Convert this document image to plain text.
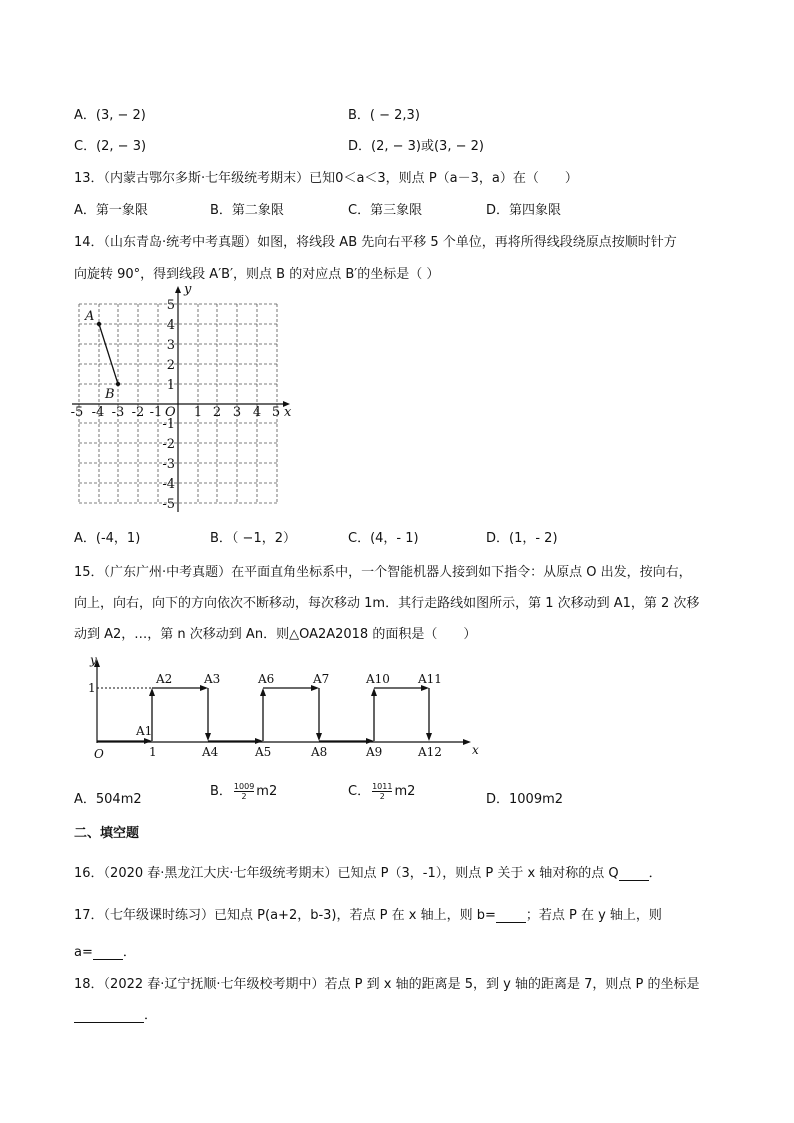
A．(3, − 2)	B．( − 2,3)
C．(2, − 3)	D．(2, − 3)或(3, − 2)
13．（内蒙古鄂尔多斯·七年级统考期末）已知0＜a＜3，则点 P（a－3，a）在（　　）
A．第一象限	B．第二象限	C．第三象限	D．第四象限
14．（山东青岛·统考中考真题）如图，将线段 AB 先向右平移 5 个单位，再将所得线段绕原点按顺时针方
向旋转 90°，得到线段 A′B′，则点 B 的对应点 B′的坐标是（ ）
y
x
O
A
B
-5 -4 -3 -2 -1 1 2 3 4 5
5
4
3
2
1
-1
-2
-3
-4
-5
A．(-4，1)	B．（ −1，2）	C．(4，- 1)	D．(1，- 2)
15．（广东广州·中考真题）在平面直角坐标系中，一个智能机器人接到如下指令：从原点 O 出发，按向右，
向上，向右，向下的方向依次不断移动，每次移动 1m．其行走路线如图所示，第 1 次移动到 A1，第 2 次移
动到 A2，…，第 n 次移动到 An．则△OA2A2018 的面积是（　　）
y
x
O
1
1
A1
A2	A3	A6	A7	A10 A11
A4	A5	A8	A9	A12
A．504m2
B． $\frac{1009}{2} m2$	C． $\frac{1011}{2} m2$
D．1009m2
二、填空题
16．（2020 春·黑龙江大庆·七年级统考期末）已知点 P（3，-1），则点 P 关于 x 轴对称的点 Q ．
17．（七年级课时练习）已知点 P(a+2，b-3)，若点 P 在 x 轴上，则 b= ；若点 P 在 y 轴上，则
a= ．
18．（2022 春·辽宁抚顺·七年级校考期中）若点 P 到 x 轴的距离是 5，到 y 轴的距离是 7，则点 P 的坐标是
．
